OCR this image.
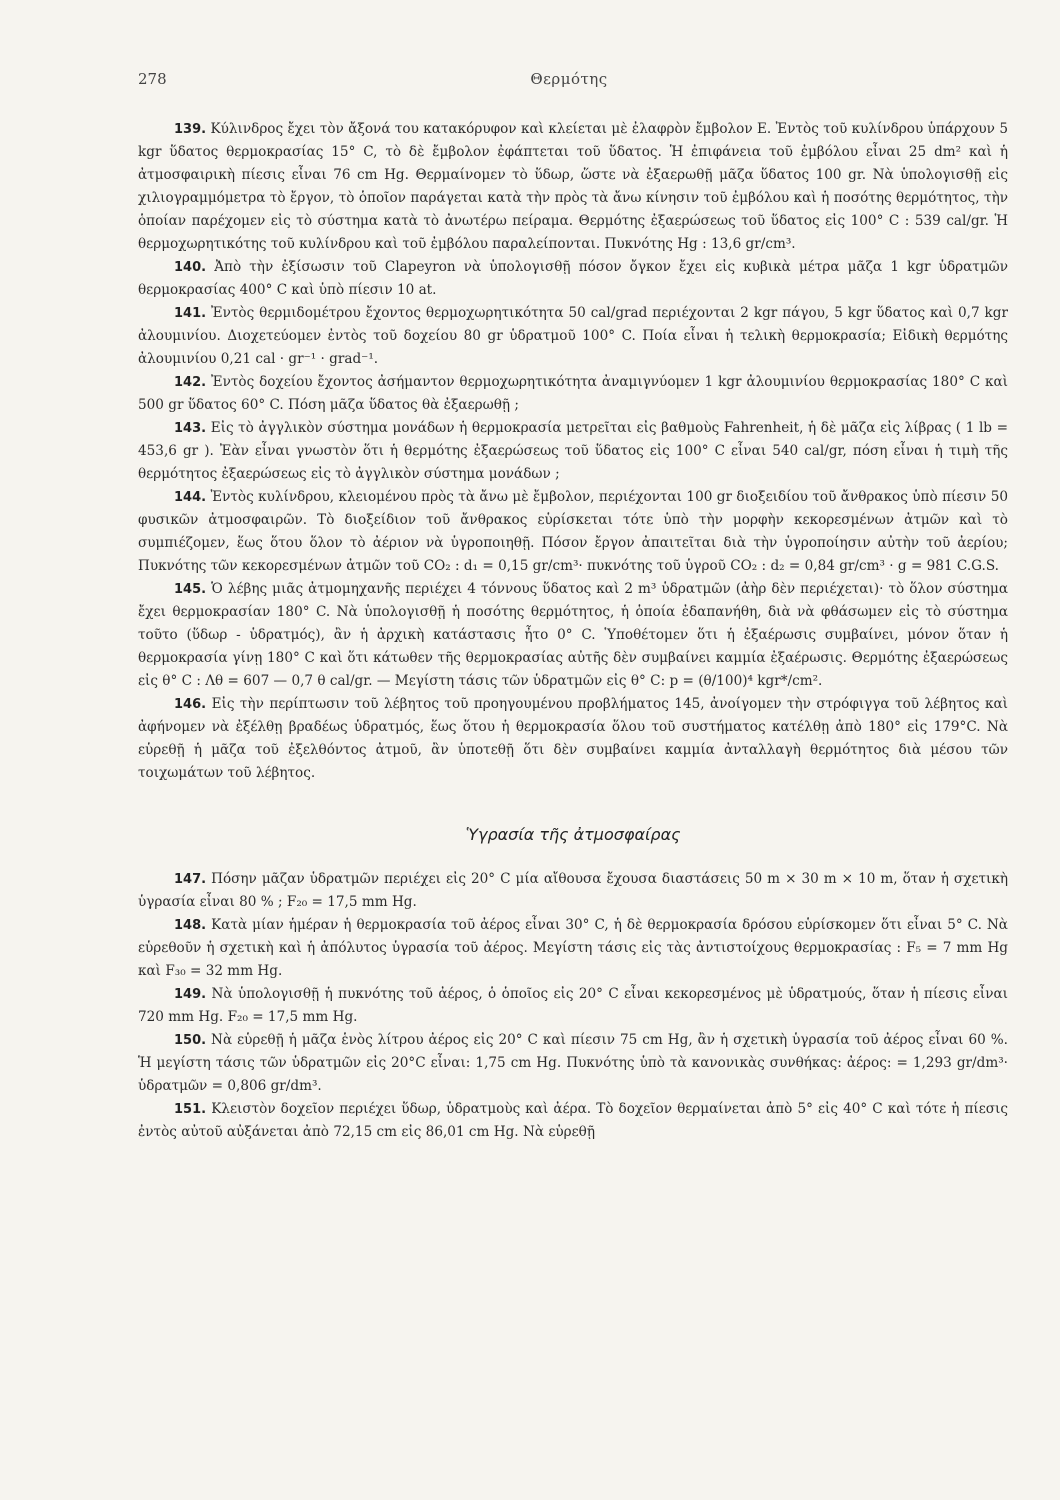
278	Θερμότης

139. Κύλινδρος ἔχει τὸν ἄξονά του κατακόρυφον καὶ κλείεται μὲ ἐλαφρὸν ἔμβολον Ε. Ἐντὸς τοῦ κυλίνδρου ὑπάρχουν 5 kgr ὕδατος θερμοκρασίας 15° C, τὸ δὲ ἔμβολον ἐφάπτεται τοῦ ὕδατος. Ἡ ἐπιφάνεια τοῦ ἐμβόλου εἶναι 25 dm² καὶ ἡ ἀτμοσφαιρικὴ πίεσις εἶναι 76 cm Hg. Θερμαίνομεν τὸ ὕδωρ, ὥστε νὰ ἐξαερωθῇ μᾶζα ὕδατος 100 gr. Νὰ ὑπολογισθῇ εἰς χιλιογραμμόμετρα τὸ ἔργον, τὸ ὁποῖον παράγεται κατὰ τὴν πρὸς τὰ ἄνω κίνησιν τοῦ ἐμβόλου καὶ ἡ ποσότης θερμότητος, τὴν ὁποίαν παρέχομεν εἰς τὸ σύστημα κατὰ τὸ ἀνωτέρω πείραμα. Θερμότης ἐξαερώσεως τοῦ ὕδατος εἰς 100° C : 539 cal/gr. Ἡ θερμοχωρητικότης τοῦ κυλίνδρου καὶ τοῦ ἐμβόλου παραλείπονται. Πυκνότης Hg : 13,6 gr/cm³.

140. Ἀπὸ τὴν ἐξίσωσιν τοῦ Clapeyron νὰ ὑπολογισθῇ πόσον ὄγκον ἔχει εἰς κυβικὰ μέτρα μᾶζα 1 kgr ὑδρατμῶν θερμοκρασίας 400° C καὶ ὑπὸ πίεσιν 10 at.

141. Ἐντὸς θερμιδομέτρου ἔχοντος θερμοχωρητικότητα 50 cal/grad περιέχονται 2 kgr πάγου, 5 kgr ὕδατος καὶ 0,7 kgr ἀλουμινίου. Διοχετεύομεν ἐντὸς τοῦ δοχείου 80 gr ὑδρατμοῦ 100° C. Ποία εἶναι ἡ τελικὴ θερμοκρασία; Εἰδικὴ θερμότης ἀλουμινίου 0,21 cal · gr⁻¹ · grad⁻¹.

142. Ἐντὸς δοχείου ἔχοντος ἀσήμαντον θερμοχωρητικότητα ἀναμιγνύομεν 1 kgr ἀλουμινίου θερμοκρασίας 180° C καὶ 500 gr ὕδατος 60° C. Πόση μᾶζα ὕδατος θὰ ἐξαερωθῇ ;

143. Εἰς τὸ ἀγγλικὸν σύστημα μονάδων ἡ θερμοκρασία μετρεῖται εἰς βαθμοὺς Fahrenheit, ἡ δὲ μᾶζα εἰς λίβρας ( 1 lb = 453,6 gr ). Ἐὰν εἶναι γνωστὸν ὅτι ἡ θερμότης ἐξαερώσεως τοῦ ὕδατος εἰς 100° C εἶναι 540 cal/gr, πόση εἶναι ἡ τιμὴ τῆς θερμότητος ἐξαερώσεως εἰς τὸ ἀγγλικὸν σύστημα μονάδων ;

144. Ἐντὸς κυλίνδρου, κλειομένου πρὸς τὰ ἄνω μὲ ἔμβολον, περιέχονται 100 gr διοξειδίου τοῦ ἄνθρακος ὑπὸ πίεσιν 50 φυσικῶν ἀτμοσφαιρῶν. Τὸ διοξείδιον τοῦ ἄνθρακος εὑρίσκεται τότε ὑπὸ τὴν μορφὴν κεκορεσμένων ἀτμῶν καὶ τὸ συμπιέζομεν, ἕως ὅτου ὅλον τὸ ἀέριον νὰ ὑγροποιηθῇ. Πόσον ἔργον ἀπαιτεῖται διὰ τὴν ὑγροποίησιν αὐτὴν τοῦ ἀερίου; Πυκνότης τῶν κεκορεσμένων ἀτμῶν τοῦ CO₂ : d₁ = 0,15 gr/cm³· πυκνότης τοῦ ὑγροῦ CO₂ : d₂ = 0,84 gr/cm³ · g = 981 C.G.S.

145. Ὁ λέβης μιᾶς ἀτμομηχανῆς περιέχει 4 τόννους ὕδατος καὶ 2 m³ ὑδρατμῶν (ἀὴρ δὲν περιέχεται)· τὸ ὅλον σύστημα ἔχει θερμοκρασίαν 180° C. Νὰ ὑπολογισθῇ ἡ ποσότης θερμότητος, ἡ ὁποία ἐδαπανήθη, διὰ νὰ φθάσωμεν εἰς τὸ σύστημα τοῦτο (ὕδωρ - ὑδρατμός), ἂν ἡ ἀρχικὴ κατάστασις ἦτο 0° C. Ὑποθέτομεν ὅτι ἡ ἐξαέρωσις συμβαίνει, μόνον ὅταν ἡ θερμοκρασία γίνῃ 180° C καὶ ὅτι κάτωθεν τῆς θερμοκρασίας αὐτῆς δὲν συμβαίνει καμμία ἐξαέρωσις. Θερμότης ἐξαερώσεως εἰς θ° C : Λθ = 607 — 0,7 θ cal/gr. — Μεγίστη τάσις τῶν ὑδρατμῶν εἰς θ° C: p = (θ/100)⁴ kgr*/cm².

146. Εἰς τὴν περίπτωσιν τοῦ λέβητος τοῦ προηγουμένου προβλήματος 145, ἀνοίγομεν τὴν στρόφιγγα τοῦ λέβητος καὶ ἀφήνομεν νὰ ἐξέλθῃ βραδέως ὑδρατμός, ἕως ὅτου ἡ θερμοκρασία ὅλου τοῦ συστήματος κατέλθῃ ἀπὸ 180° εἰς 179°C. Νὰ εὑρεθῇ ἡ μᾶζα τοῦ ἐξελθόντος ἀτμοῦ, ἂν ὑποτεθῇ ὅτι δὲν συμβαίνει καμμία ἀνταλλαγὴ θερμότητος διὰ μέσου τῶν τοιχωμάτων τοῦ λέβητος.

Ὑγρασία τῆς ἀτμοσφαίρας

147. Πόσην μᾶζαν ὑδρατμῶν περιέχει εἰς 20° C μία αἴθουσα ἔχουσα διαστάσεις 50 m × 30 m × 10 m, ὅταν ἡ σχετικὴ ὑγρασία εἶναι 80 % ; F₂₀ = 17,5 mm Hg.

148. Κατὰ μίαν ἡμέραν ἡ θερμοκρασία τοῦ ἀέρος εἶναι 30° C, ἡ δὲ θερμοκρασία δρόσου εὑρίσκομεν ὅτι εἶναι 5° C. Νὰ εὑρεθοῦν ἡ σχετικὴ καὶ ἡ ἀπόλυτος ὑγρασία τοῦ ἀέρος. Μεγίστη τάσις εἰς τὰς ἀντιστοίχους θερμοκρασίας : F₅ = 7 mm Hg καὶ F₃₀ = 32 mm Hg.

149. Νὰ ὑπολογισθῇ ἡ πυκνότης τοῦ ἀέρος, ὁ ὁποῖος εἰς 20° C εἶναι κεκορεσμένος μὲ ὑδρατμούς, ὅταν ἡ πίεσις εἶναι 720 mm Hg. F₂₀ = 17,5 mm Hg.

150. Νὰ εὑρεθῇ ἡ μᾶζα ἑνὸς λίτρου ἀέρος εἰς 20° C καὶ πίεσιν 75 cm Hg, ἂν ἡ σχετικὴ ὑγρασία τοῦ ἀέρος εἶναι 60 %. Ἡ μεγίστη τάσις τῶν ὑδρατμῶν εἰς 20°C εἶναι: 1,75 cm Hg. Πυκνότης ὑπὸ τὰ κανονικὰς συνθήκας: ἀέρος: = 1,293 gr/dm³· ὑδρατμῶν = 0,806 gr/dm³.

151. Κλειστὸν δοχεῖον περιέχει ὕδωρ, ὑδρατμοὺς καὶ ἀέρα. Τὸ δοχεῖον θερμαίνεται ἀπὸ 5° εἰς 40° C καὶ τότε ἡ πίεσις ἐντὸς αὐτοῦ αὐξάνεται ἀπὸ 72,15 cm εἰς 86,01 cm Hg. Νὰ εὑρεθῇ
